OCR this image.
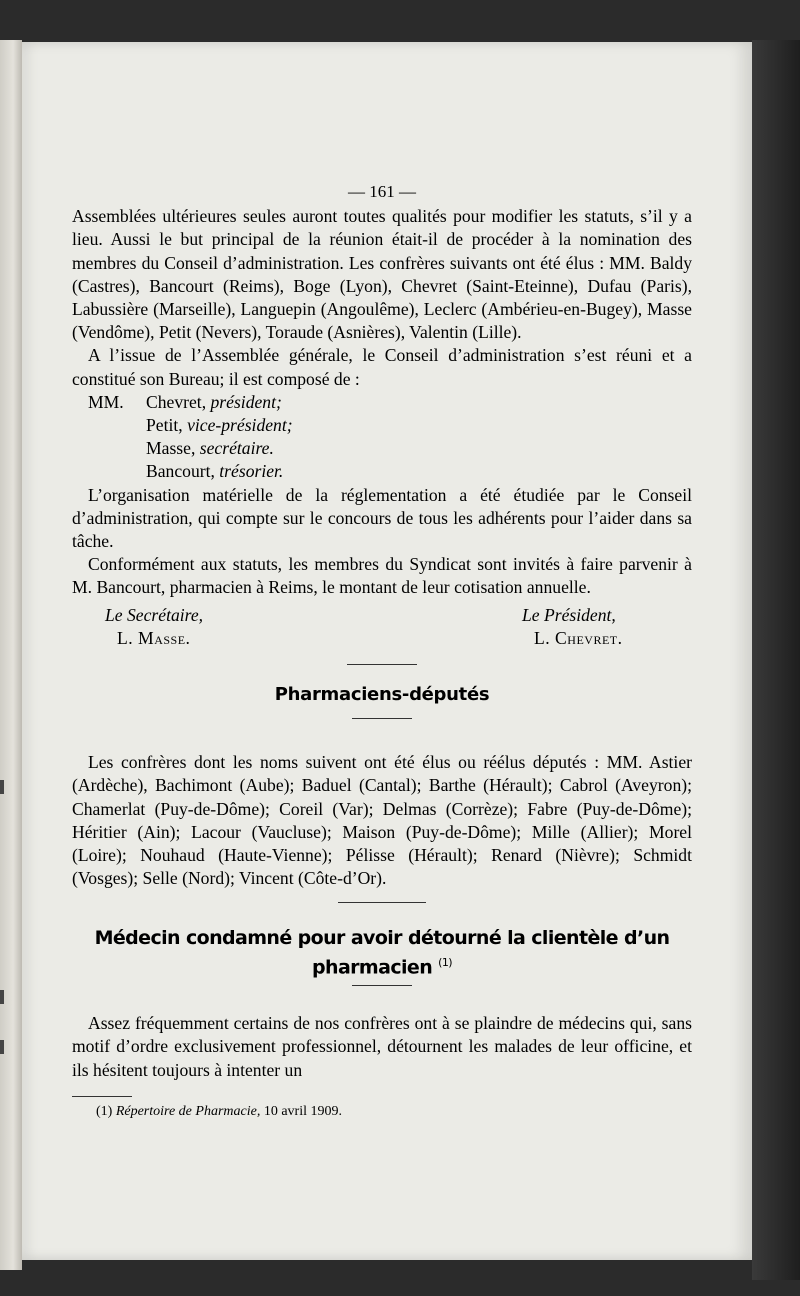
— 161 —

Assemblées ultérieures seules auront toutes qualités pour modifier les statuts, s’il y a lieu. Aussi le but principal de la réunion était-il de procéder à la nomination des membres du Conseil d’administration. Les confrères suivants ont été élus : MM. Baldy (Castres), Bancourt (Reims), Boge (Lyon), Chevret (Saint-Eteinne), Dufau (Paris), Labussière (Marseille), Languepin (Angoulême), Leclerc (Ambérieu-en-Bugey), Masse (Vendôme), Petit (Nevers), Toraude (Asnières), Valentin (Lille).

A l’issue de l’Assemblée générale, le Conseil d’administration s’est réuni et a constitué son Bureau; il est composé de :

MM.	Chevret,
président;
Petit,
vice-président;
Masse,
secrétaire.
Bancourt,
trésorier.

L’organisation matérielle de la réglementation a été étudiée par le Conseil d’administration, qui compte sur le concours de tous les adhérents pour l’aider dans sa tâche.

Conformément aux statuts, les membres du Syndicat sont invités à faire parvenir à M. Bancourt, pharmacien à Reims, le montant de leur cotisation annuelle.

Le Secrétaire,
L. Masse.
Le Président,
L. Chevret.
Pharmaciens-députés

Les confrères dont les noms suivent ont été élus ou réélus députés : MM. Astier (Ardèche), Bachimont (Aube); Baduel (Cantal); Barthe (Hérault); Cabrol (Aveyron); Chamerlat (Puy-de-Dôme); Coreil (Var); Delmas (Corrèze); Fabre (Puy-de-Dôme); Héritier (Ain); Lacour (Vaucluse); Maison (Puy-de-Dôme); Mille (Allier); Morel (Loire); Nouhaud (Haute-Vienne); Pélisse (Hérault); Renard (Nièvre); Schmidt (Vosges); Selle (Nord); Vincent (Côte-d’Or).

Médecin condamné pour avoir détourné la clientèle d’un pharmacien $^{(1)}$

Assez fréquemment certains de nos confrères ont à se plaindre de médecins qui, sans motif d’ordre exclusivement professionnel, détournent les malades de leur officine, et ils hésitent toujours à intenter un

(1) Répertoire de Pharmacie, 10 avril 1909.
